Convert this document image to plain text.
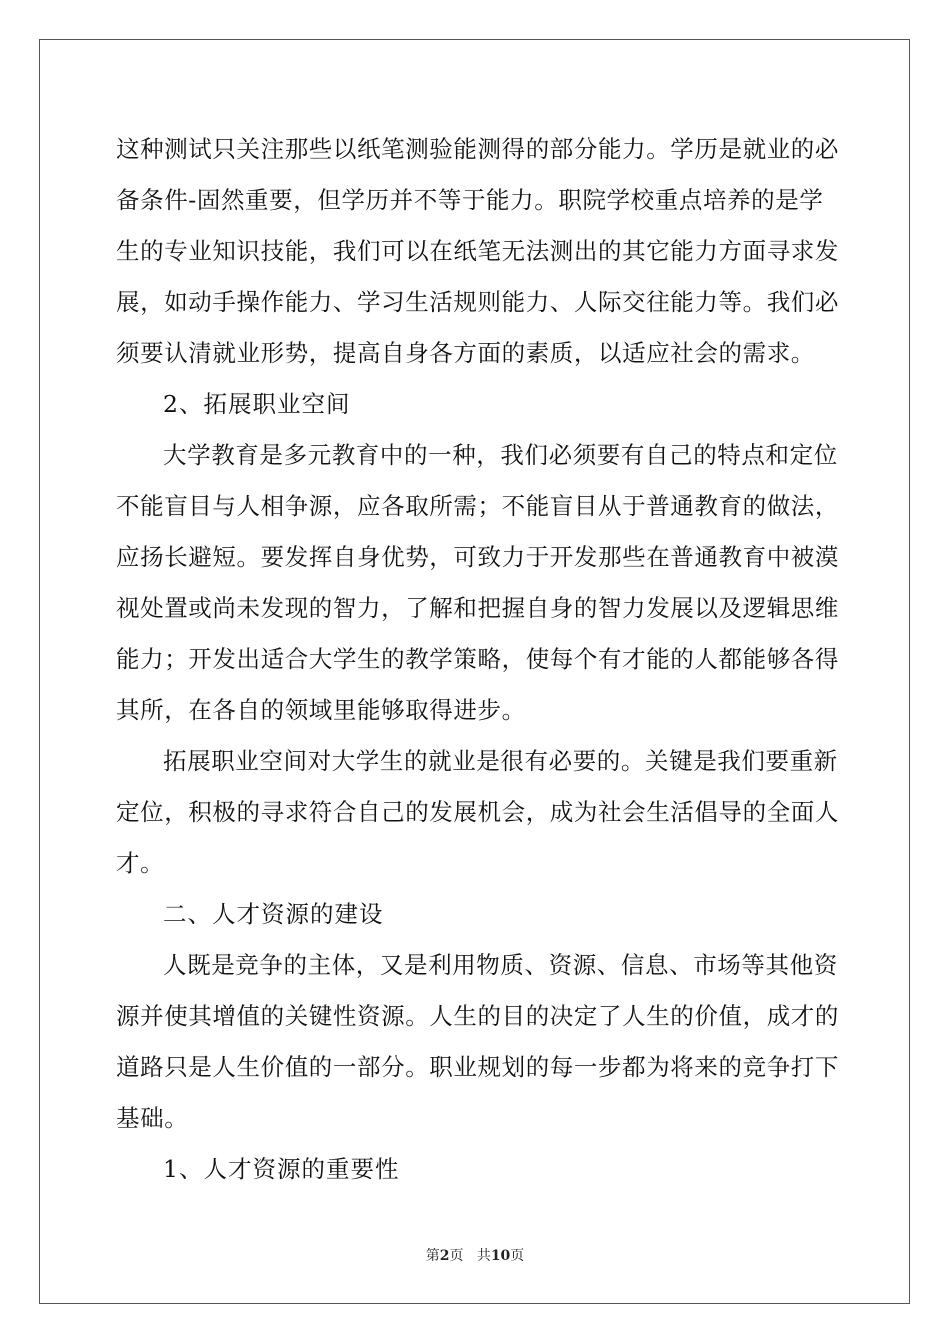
这种测试只关注那些以纸笔测验能测得的部分能力。学历是就业的必
备条件-固然重要，但学历并不等于能力。职院学校重点培养的是学
生的专业知识技能，我们可以在纸笔无法测出的其它能力方面寻求发
展，如动手操作能力、学习生活规则能力、人际交往能力等。我们必
须要认清就业形势，提高自身各方面的素质，以适应社会的需求。
2、拓展职业空间
大学教育是多元教育中的一种，我们必须要有自己的特点和定位
不能盲目与人相争源，应各取所需；不能盲目从于普通教育的做法，
应扬长避短。要发挥自身优势，可致力于开发那些在普通教育中被漠
视处置或尚未发现的智力，了解和把握自身的智力发展以及逻辑思维
能力；开发出适合大学生的教学策略，使每个有才能的人都能够各得
其所，在各自的领域里能够取得进步。
拓展职业空间对大学生的就业是很有必要的。关键是我们要重新
定位，积极的寻求符合自己的发展机会，成为社会生活倡导的全面人
才。
二、人才资源的建设
人既是竞争的主体，又是利用物质、资源、信息、市场等其他资
源并使其增值的关键性资源。人生的目的决定了人生的价值，成才的
道路只是人生价值的一部分。职业规划的每一步都为将来的竞争打下
基础。
1、人才资源的重要性
第2页 共10页
